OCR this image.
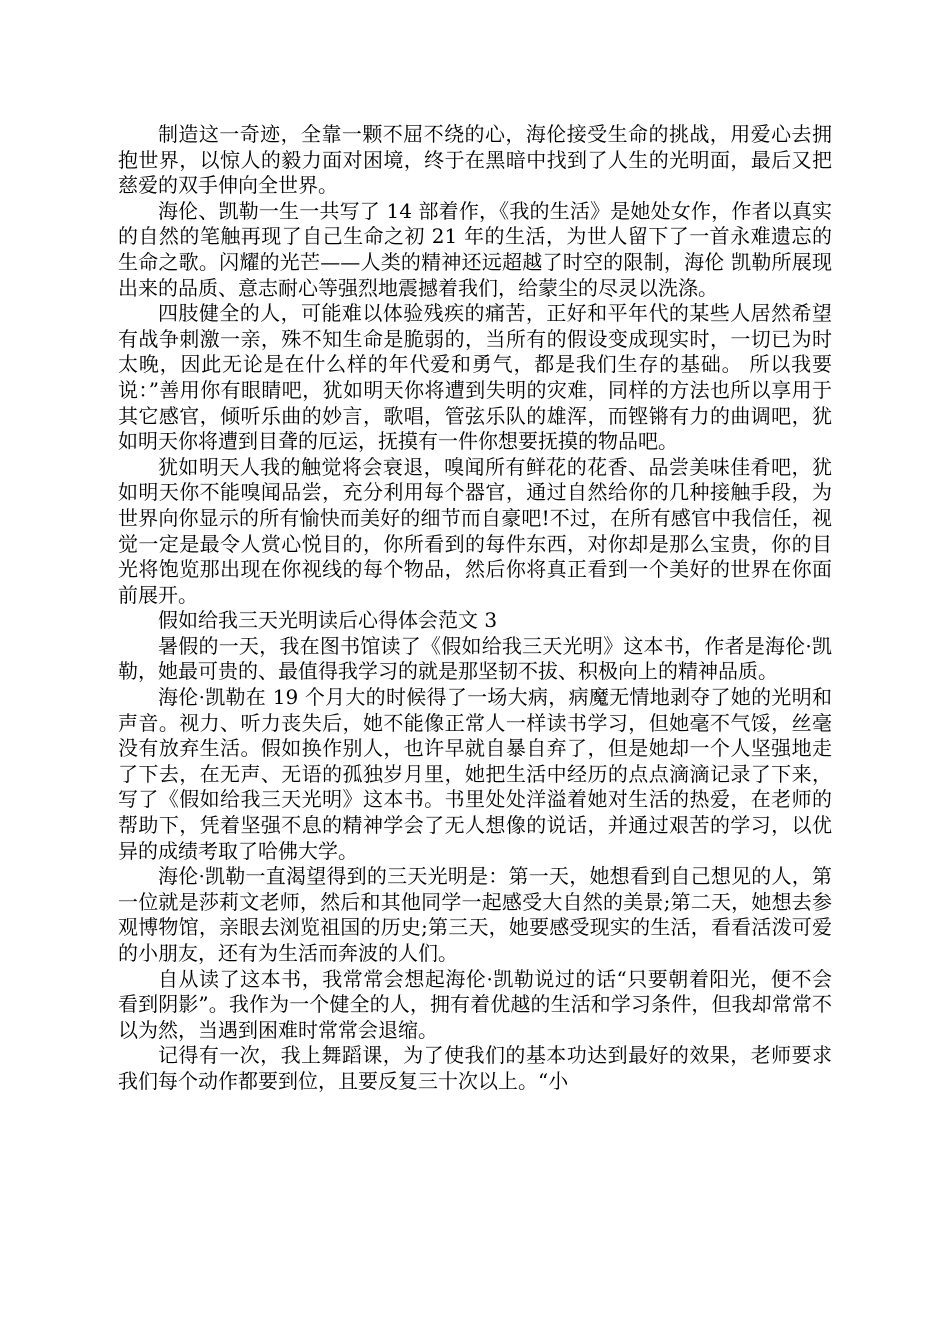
制造这一奇迹，全靠一颗不屈不绕的心，海伦接受生命的挑战，用爱心去拥抱世界，以惊人的毅力面对困境，终于在黑暗中找到了人生的光明面，最后又把慈爱的双手伸向全世界。

海伦、凯勒一生一共写了 14 部着作，《我的生活》是她处女作，作者以真实的自然的笔触再现了自己生命之初 21 年的生活，为世人留下了一首永难遗忘的生命之歌。闪耀的光芒——人类的精神还远超越了时空的限制，海伦 凯勒所展现出来的品质、意志耐心等强烈地震撼着我们，给蒙尘的尽灵以洗涤。

四肢健全的人，可能难以体验残疾的痛苦，正好和平年代的某些人居然希望有战争刺激一亲，殊不知生命是脆弱的，当所有的假设变成现实时，一切已为时太晚，因此无论是在什么样的年代爱和勇气，都是我们生存的基础。 所以我要说：”善用你有眼睛吧，犹如明天你将遭到失明的灾难，同样的方法也所以享用于其它感官，倾听乐曲的妙言，歌唱，管弦乐队的雄浑，而铿锵有力的曲调吧，犹如明天你将遭到目聋的厄运，抚摸有一件你想要抚摸的物品吧。

犹如明天人我的触觉将会衰退，嗅闻所有鲜花的花香、品尝美味佳肴吧，犹如明天你不能嗅闻品尝，充分利用每个器官，通过自然给你的几种接触手段，为世界向你显示的所有愉快而美好的细节而自豪吧!不过，在所有感官中我信任，视觉一定是最令人赏心悦目的，你所看到的每件东西，对你却是那么宝贵，你的目光将饱览那出现在你视线的每个物品，然后你将真正看到一个美好的世界在你面前展开。

假如给我三天光明读后心得体会范文 3

暑假的一天，我在图书馆读了《假如给我三天光明》这本书，作者是海伦·凯勒，她最可贵的、最值得我学习的就是那坚韧不拔、积极向上的精神品质。

海伦·凯勒在 19 个月大的时候得了一场大病，病魔无情地剥夺了她的光明和声音。视力、听力丧失后，她不能像正常人一样读书学习，但她毫不气馁，丝毫没有放弃生活。假如换作别人，也许早就自暴自弃了，但是她却一个人坚强地走了下去，在无声、无语的孤独岁月里，她把生活中经历的点点滴滴记录了下来，写了《假如给我三天光明》这本书。书里处处洋溢着她对生活的热爱，在老师的帮助下，凭着坚强不息的精神学会了无人想像的说话，并通过艰苦的学习，以优异的成绩考取了哈佛大学。

海伦·凯勒一直渴望得到的三天光明是：第一天，她想看到自己想见的人，第一位就是莎莉文老师，然后和其他同学一起感受大自然的美景;第二天，她想去参观博物馆，亲眼去浏览祖国的历史;第三天，她要感受现实的生活，看看活泼可爱的小朋友，还有为生活而奔波的人们。

自从读了这本书，我常常会想起海伦·凯勒说过的话“只要朝着阳光，便不会看到阴影”。我作为一个健全的人，拥有着优越的生活和学习条件，但我却常常不以为然，当遇到困难时常常会退缩。

记得有一次，我上舞蹈课，为了使我们的基本功达到最好的效果，老师要求我们每个动作都要到位，且要反复三十次以上。“小
